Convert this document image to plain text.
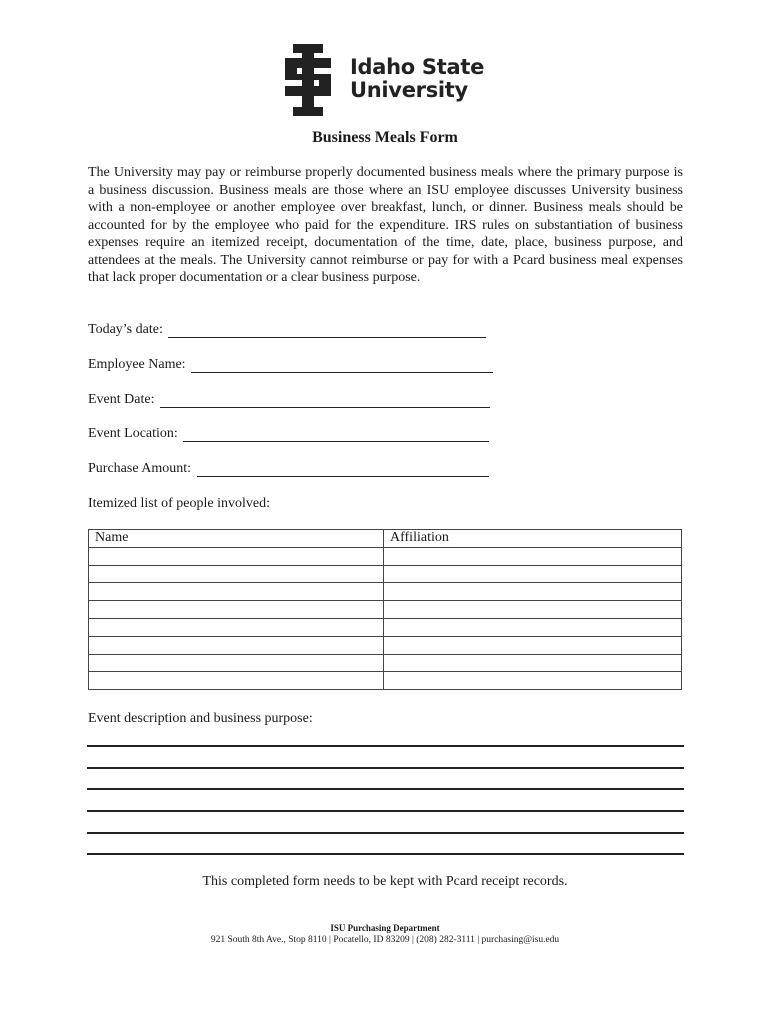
Idaho State
University
Business Meals Form
The University may pay or reimburse properly documented business meals where the primary purpose is a business discussion. Business meals are those where an ISU employee discusses University business with a non-employee or another employee over breakfast, lunch, or dinner. Business meals should be accounted for by the employee who paid for the expenditure. IRS rules on substantiation of business expenses require an itemized receipt, documentation of the time, date, place, business purpose, and attendees at the meals. The University cannot reimburse or pay for with a Pcard business meal expenses that lack proper documentation or a clear business purpose.
Today’s date:
Employee Name:
Event Date:
Event Location:
Purchase Amount:
Itemized list of people involved:
Name	Affiliation

Event description and business purpose:
This completed form needs to be kept with Pcard receipt records.
ISU Purchasing Department
921 South 8th Ave., Stop 8110 | Pocatello, ID 83209 | (208) 282-3111 | purchasing@isu.edu
